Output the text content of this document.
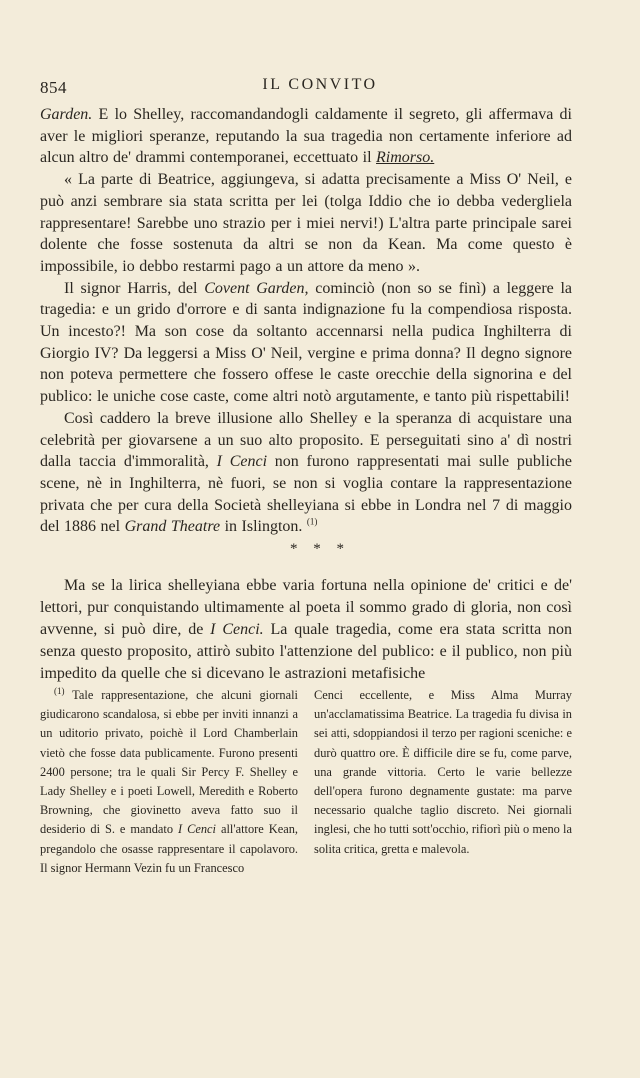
854	IL CONVITO

Garden. E lo Shelley, raccomandandogli caldamente il segreto, gli affermava di aver le migliori speranze, reputando la sua tragedia non certamente inferiore ad alcun altro de' drammi contemporanei, eccettuato il Rimorso.

« La parte di Beatrice, aggiungeva, si adatta precisamente a Miss O' Neil, e può anzi sembrare sia stata scritta per lei (tolga Iddio che io debba vedergliela rappresentare! Sarebbe uno strazio per i miei nervi!) L'altra parte principale sarei dolente che fosse sostenuta da altri se non da Kean. Ma come questo è impossibile, io debbo restarmi pago a un attore da meno ».

Il signor Harris, del Covent Garden, cominciò (non so se finì) a leggere la tragedia: e un grido d'orrore e di santa indignazione fu la compendiosa risposta. Un incesto?! Ma son cose da soltanto accennarsi nella pudica Inghilterra di Giorgio IV? Da leggersi a Miss O' Neil, vergine e prima donna? Il degno signore non poteva permettere che fossero offese le caste orecchie della signorina e del publico: le uniche cose caste, come altri notò argutamente, e tanto più rispettabili!

Così caddero la breve illusione allo Shelley e la speranza di acquistare una celebrità per giovarsene a un suo alto proposito. E perseguitati sino a' dì nostri dalla taccia d'immoralità, I Cenci non furono rappresentati mai sulle publiche scene, nè in Inghilterra, nè fuori, se non si voglia contare la rappresentazione privata che per cura della Società shelleyiana si ebbe in Londra nel 7 di maggio del 1886 nel Grand Theatre in Islington. $^{(1)}$

* * *

Ma se la lirica shelleyiana ebbe varia fortuna nella opinione de' critici e de' lettori, pur conquistando ultimamente al poeta il sommo grado di gloria, non così avvenne, si può dire, de I Cenci. La quale tragedia, come era stata scritta non senza questo proposito, attirò subito l'attenzione del publico: e il publico, non più impedito da quelle che si dicevano le astrazioni metafisiche

$^{(1)}$ Tale rappresentazione, che alcuni giornali giudicarono scandalosa, si ebbe per inviti innanzi a un uditorio privato, poichè il Lord Chamberlain vietò che fosse data publicamente. Furono presenti 2400 persone; tra le quali Sir Percy F. Shelley e Lady Shelley e i poeti Lowell, Meredith e Roberto Browning, che giovinetto aveva fatto suo il desiderio di S. e mandato I Cenci all'attore Kean, pregandolo che osasse rappresentare il capolavoro. Il signor Hermann Vezin fu un Francesco

Cenci eccellente, e Miss Alma Murray un'acclamatissima Beatrice. La tragedia fu divisa in sei atti, sdoppiandosi il terzo per ragioni sceniche: e durò quattro ore. È difficile dire se fu, come parve, una grande vittoria. Certo le varie bellezze dell'opera furono degnamente gustate: ma parve necessario qualche taglio discreto. Nei giornali inglesi, che ho tutti sott'occhio, rifiorì più o meno la solita critica, gretta e malevola.
